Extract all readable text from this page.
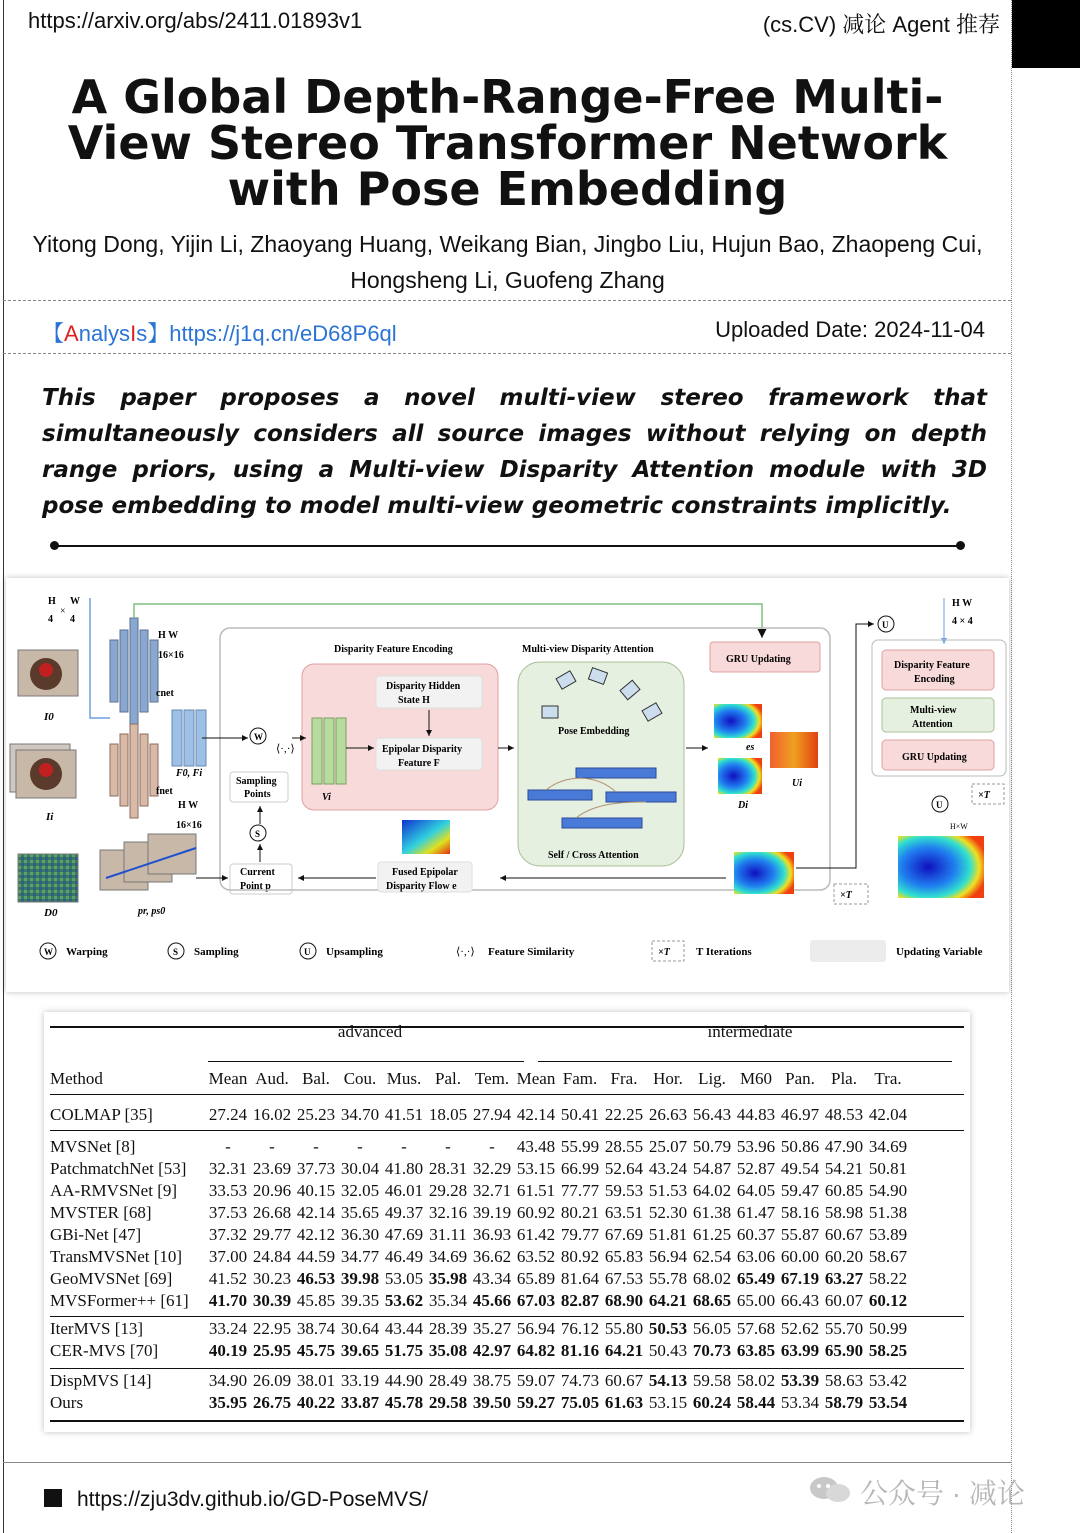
https://arxiv.org/abs/2411.01893v1	(cs.CV) 减论 Agent 推荐
A Global Depth-Range-Free Multi-View Stereo Transformer Network with Pose Embedding
Yitong Dong, Yijin Li, Zhaoyang Huang, Weikang Bian, Jingbo Liu, Hujun Bao, Zhaopeng Cui, Hongsheng Li, Guofeng Zhang
【AnalysIs】https://j1q.cn/eD68P6ql	Uploaded Date: 2024-11-04
This paper proposes a novel multi-view stereo framework that simultaneously considers all source images without relying on depth range priors, using a Multi-view Disparity Attention module with 3D pose embedding to model multi-view geometric constraints implicitly.
H
4
×
W
4
I0
Ii
D0
cnet
H W
16×16
fnet
H W
16×16
F0, Fi
pr, ps0
W
⟨·,·⟩
S
Sampling
Points
Current
Point p
Disparity Feature Encoding
Vi
Disparity Hidden
State H
Epipolar Disparity
Feature F
Multi-view Disparity Attention
Pose Embedding
Self / Cross Attention
GRU Updating
es
Ui
Di
Fused Epipolar
Disparity Flow e
×T
U
H W
4 × 4
Disparity Feature
Encoding
Multi-view
Attention
GRU Updating
U
×T
H×W
W Warping	S Sampling	U Upsampling	⟨·,·⟩ Feature Similarity	×T T Iterations	Updating Variable
advanced	intermediate
Method	Mean	Aud.	Bal.	Cou.	Mus.	Pal.	Tem.	Mean	Fam.	Fra.	Hor.	Lig.	M60	Pan.	Pla.	Tra.
COLMAP [35]	27.24	16.02	25.23	34.70	41.51	18.05	27.94	42.14	50.41	22.25	26.63	56.43	44.83	46.97	48.53	42.04
MVSNet [8]	-	-	-	-	-	-	-	43.48	55.99	28.55	25.07	50.79	53.96	50.86	47.90	34.69
PatchmatchNet [53]	32.31	23.69	37.73	30.04	41.80	28.31	32.29	53.15	66.99	52.64	43.24	54.87	52.87	49.54	54.21	50.81
AA-RMVSNet [9]	33.53	20.96	40.15	32.05	46.01	29.28	32.71	61.51	77.77	59.53	51.53	64.02	64.05	59.47	60.85	54.90
MVSTER [68]	37.53	26.68	42.14	35.65	49.37	32.16	39.19	60.92	80.21	63.51	52.30	61.38	61.47	58.16	58.98	51.38
GBi-Net [47]	37.32	29.77	42.12	36.30	47.69	31.11	36.93	61.42	79.77	67.69	51.81	61.25	60.37	55.87	60.67	53.89
TransMVSNet [10]	37.00	24.84	44.59	34.77	46.49	34.69	36.62	63.52	80.92	65.83	56.94	62.54	63.06	60.00	60.20	58.67
GeoMVSNet [69]	41.52	30.23	46.53	39.98	53.05	35.98	43.34	65.89	81.64	67.53	55.78	68.02	65.49	67.19	63.27	58.22
MVSFormer++ [61]	41.70	30.39	45.85	39.35	53.62	35.34	45.66	67.03	82.87	68.90	64.21	68.65	65.00	66.43	60.07	60.12
IterMVS [13]	33.24	22.95	38.74	30.64	43.44	28.39	35.27	56.94	76.12	55.80	50.53	56.05	57.68	52.62	55.70	50.99
CER-MVS [70]	40.19	25.95	45.75	39.65	51.75	35.08	42.97	64.82	81.16	64.21	50.43	70.73	63.85	63.99	65.90	58.25
DispMVS [14]	34.90	26.09	38.01	33.19	44.90	28.49	38.75	59.07	74.73	60.67	54.13	59.58	58.02	53.39	58.63	53.42
Ours	35.95	26.75	40.22	33.87	45.78	29.58	39.50	59.27	75.05	61.63	53.15	60.24	58.44	53.34	58.79	53.54
https://zju3dv.github.io/GD-PoseMVS/	公众号 · 减论
